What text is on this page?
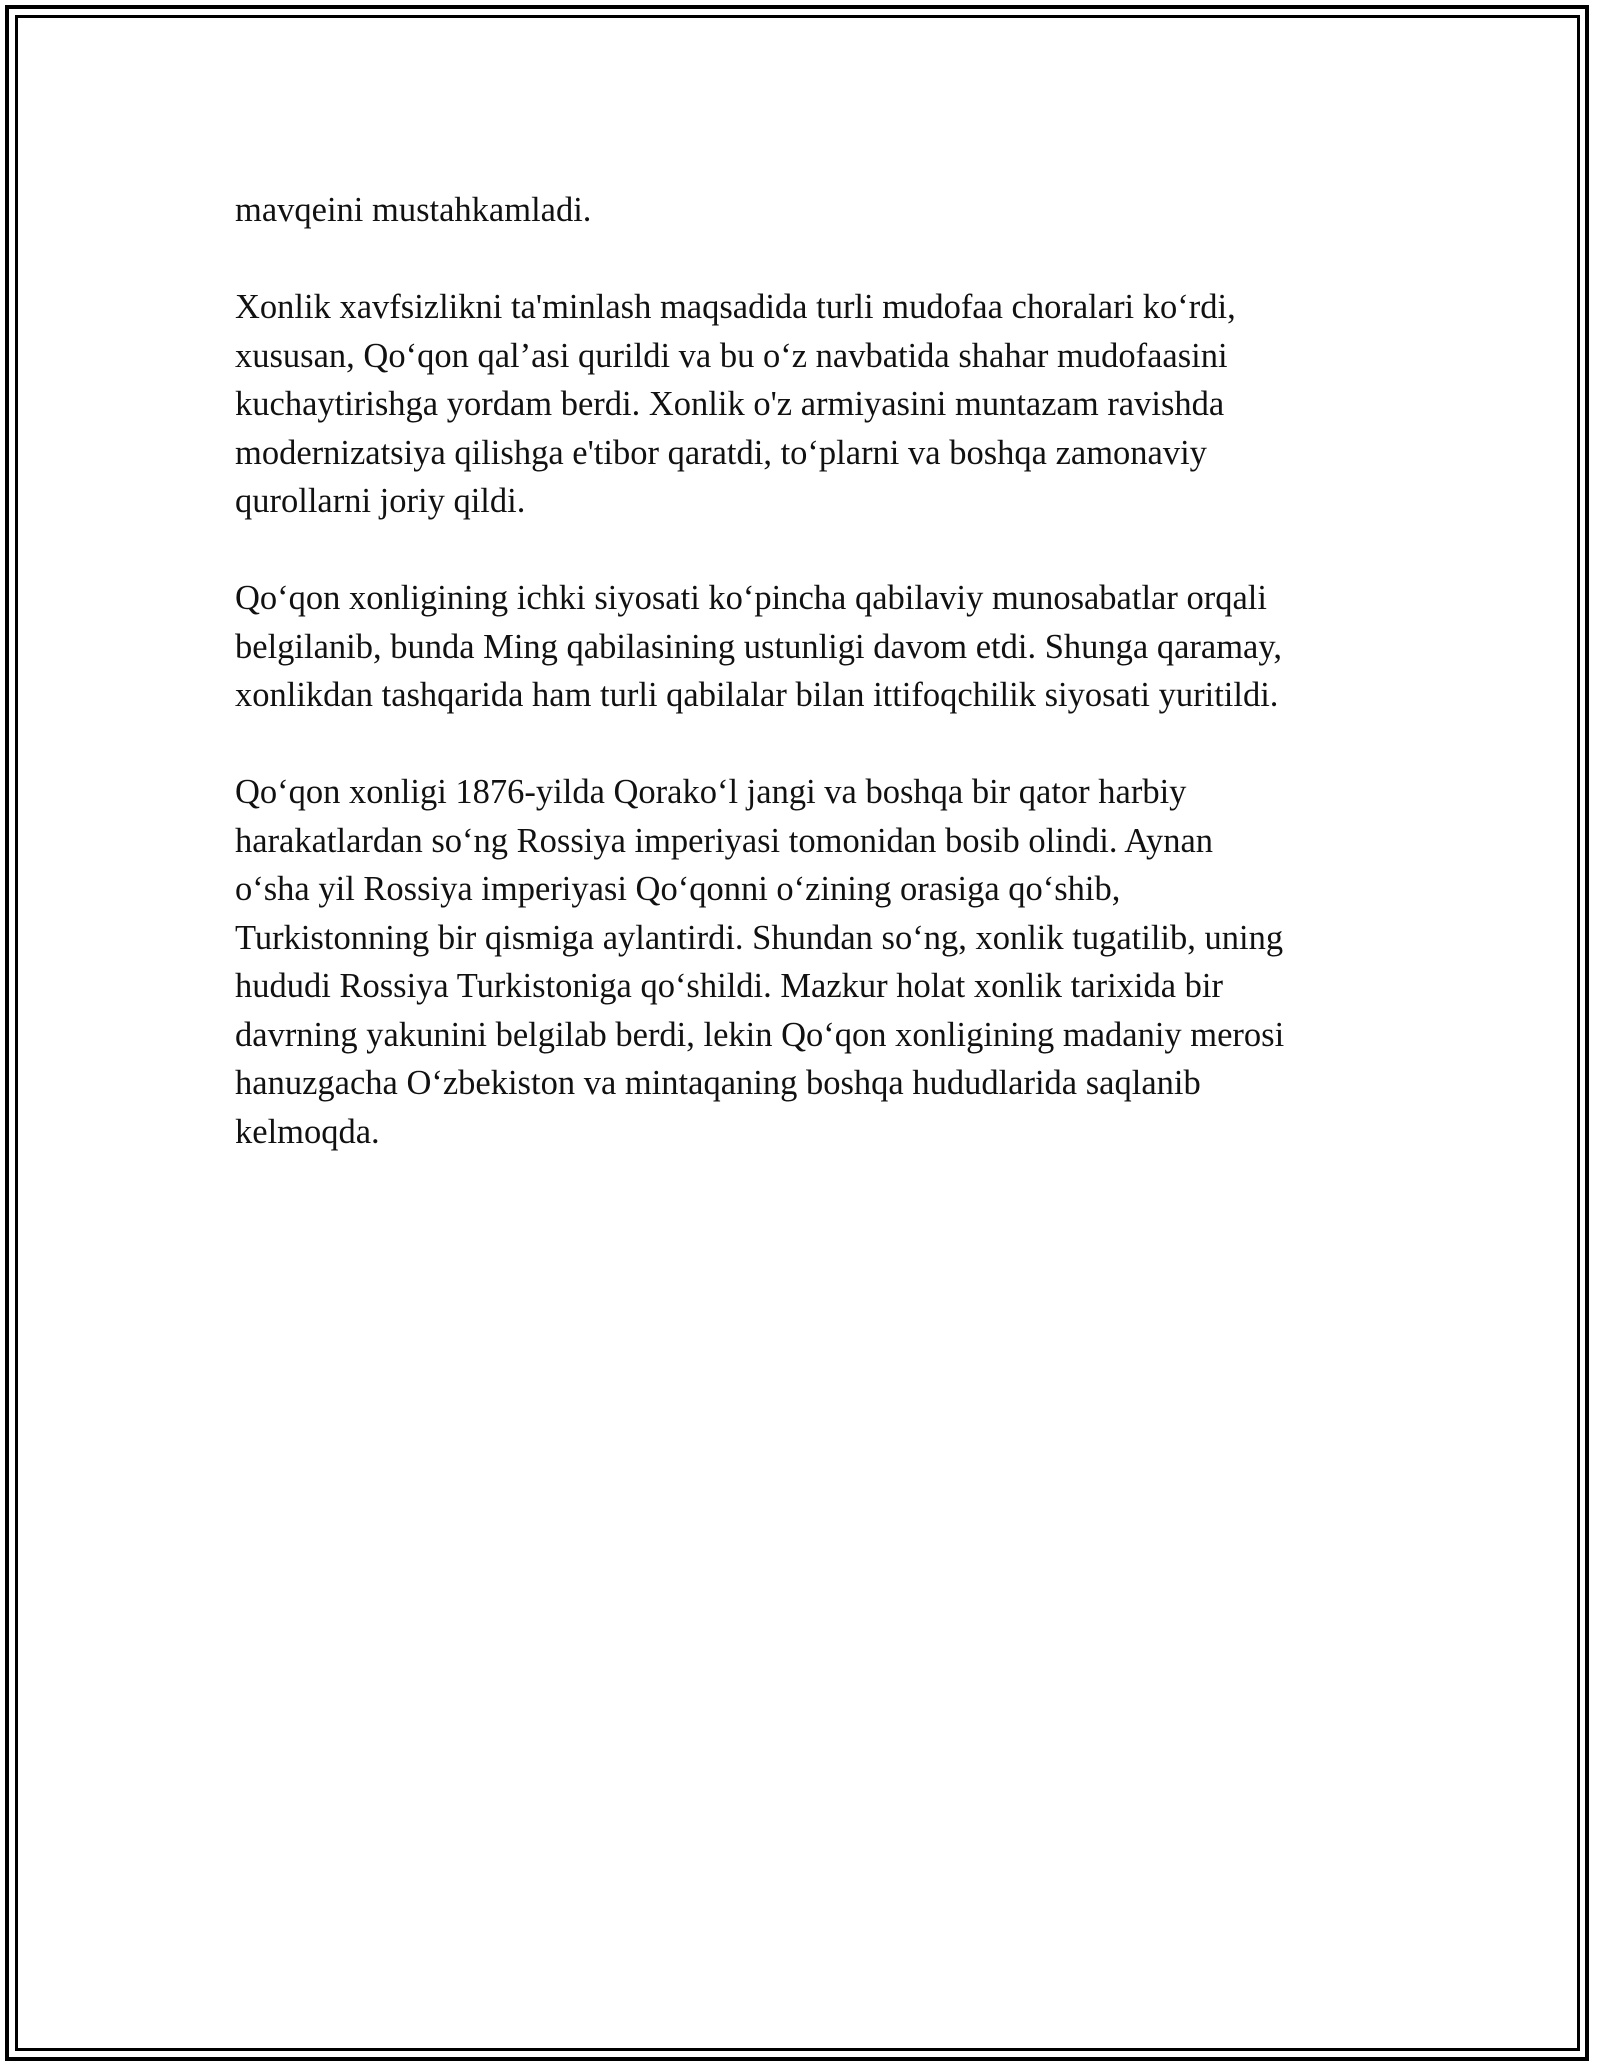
mavqeini mustahkamladi.

Xonlik xavfsizlikni ta'minlash maqsadida turli mudofaa choralari ko‘rdi,
xususan, Qo‘qon qal’asi qurildi va bu o‘z navbatida shahar mudofaasini
kuchaytirishga yordam berdi. Xonlik o'z armiyasini muntazam ravishda
modernizatsiya qilishga e'tibor qaratdi, to‘plarni va boshqa zamonaviy
qurollarni joriy qildi.

Qo‘qon xonligining ichki siyosati ko‘pincha qabilaviy munosabatlar orqali
belgilanib, bunda Ming qabilasining ustunligi davom etdi. Shunga qaramay,
xonlikdan tashqarida ham turli qabilalar bilan ittifoqchilik siyosati yuritildi.

Qo‘qon xonligi 1876-yilda Qorako‘l jangi va boshqa bir qator harbiy
harakatlardan so‘ng Rossiya imperiyasi tomonidan bosib olindi. Aynan
o‘sha yil Rossiya imperiyasi Qo‘qonni o‘zining orasiga qo‘shib,
Turkistonning bir qismiga aylantirdi. Shundan so‘ng, xonlik tugatilib, uning
hududi Rossiya Turkistoniga qo‘shildi. Mazkur holat xonlik tarixida bir
davrning yakunini belgilab berdi, lekin Qo‘qon xonligining madaniy merosi
hanuzgacha O‘zbekiston va mintaqaning boshqa hududlarida saqlanib
kelmoqda.
